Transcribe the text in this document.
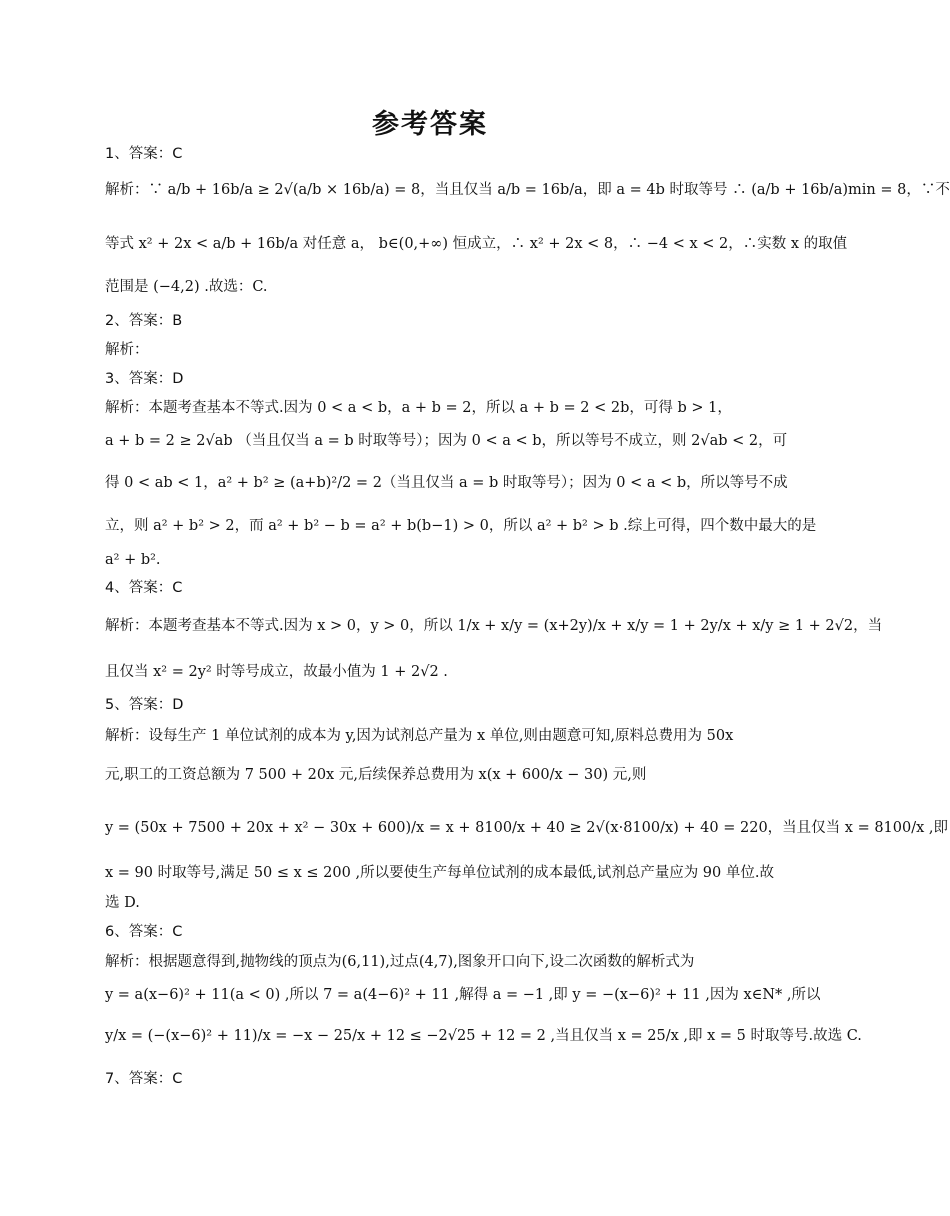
参考答案
1、答案：C
解析：∵ a/b + 16b/a ≥ 2√(a/b × 16b/a) = 8，当且仅当 a/b = 16b/a，即 a = 4b 时取等号 ∴ (a/b + 16b/a)min = 8，∵不
等式 x² + 2x < a/b + 16b/a 对任意 a， b∈(0,+∞) 恒成立，∴ x² + 2x < 8，∴ −4 < x < 2，∴实数 x 的取值
范围是 (−4,2) .故选：C.
2、答案：B
解析：
3、答案：D
解析：本题考查基本不等式.因为 0 < a < b，a + b = 2，所以 a + b = 2 < 2b，可得 b > 1，
a + b = 2 ≥ 2√ab （当且仅当 a = b 时取等号）；因为 0 < a < b，所以等号不成立，则 2√ab < 2，可
得 0 < ab < 1，a² + b² ≥ (a+b)²/2 = 2（当且仅当 a = b 时取等号）；因为 0 < a < b，所以等号不成
立，则 a² + b² > 2，而 a² + b² − b = a² + b(b−1) > 0，所以 a² + b² > b .综上可得，四个数中最大的是
a² + b².
4、答案：C
解析：本题考查基本不等式.因为 x > 0，y > 0，所以 1/x + x/y = (x+2y)/x + x/y = 1 + 2y/x + x/y ≥ 1 + 2√2，当
且仅当 x² = 2y² 时等号成立，故最小值为 1 + 2√2 .
5、答案：D
解析：设每生产 1 单位试剂的成本为 y,因为试剂总产量为 x 单位,则由题意可知,原料总费用为 50x
元,职工的工资总额为 7 500 + 20x 元,后续保养总费用为 x(x + 600/x − 30) 元,则
y = (50x + 7500 + 20x + x² − 30x + 600)/x = x + 8100/x + 40 ≥ 2√(x·8100/x) + 40 = 220，当且仅当 x = 8100/x ,即
x = 90 时取等号,满足 50 ≤ x ≤ 200 ,所以要使生产每单位试剂的成本最低,试剂总产量应为 90 单位.故
选 D.
6、答案：C
解析：根据题意得到,抛物线的顶点为(6,11),过点(4,7),图象开口向下,设二次函数的解析式为
y = a(x−6)² + 11(a < 0) ,所以 7 = a(4−6)² + 11 ,解得 a = −1 ,即 y = −(x−6)² + 11 ,因为 x∈N* ,所以
y/x = (−(x−6)² + 11)/x = −x − 25/x + 12 ≤ −2√25 + 12 = 2 ,当且仅当 x = 25/x ,即 x = 5 时取等号.故选 C.
7、答案：C
